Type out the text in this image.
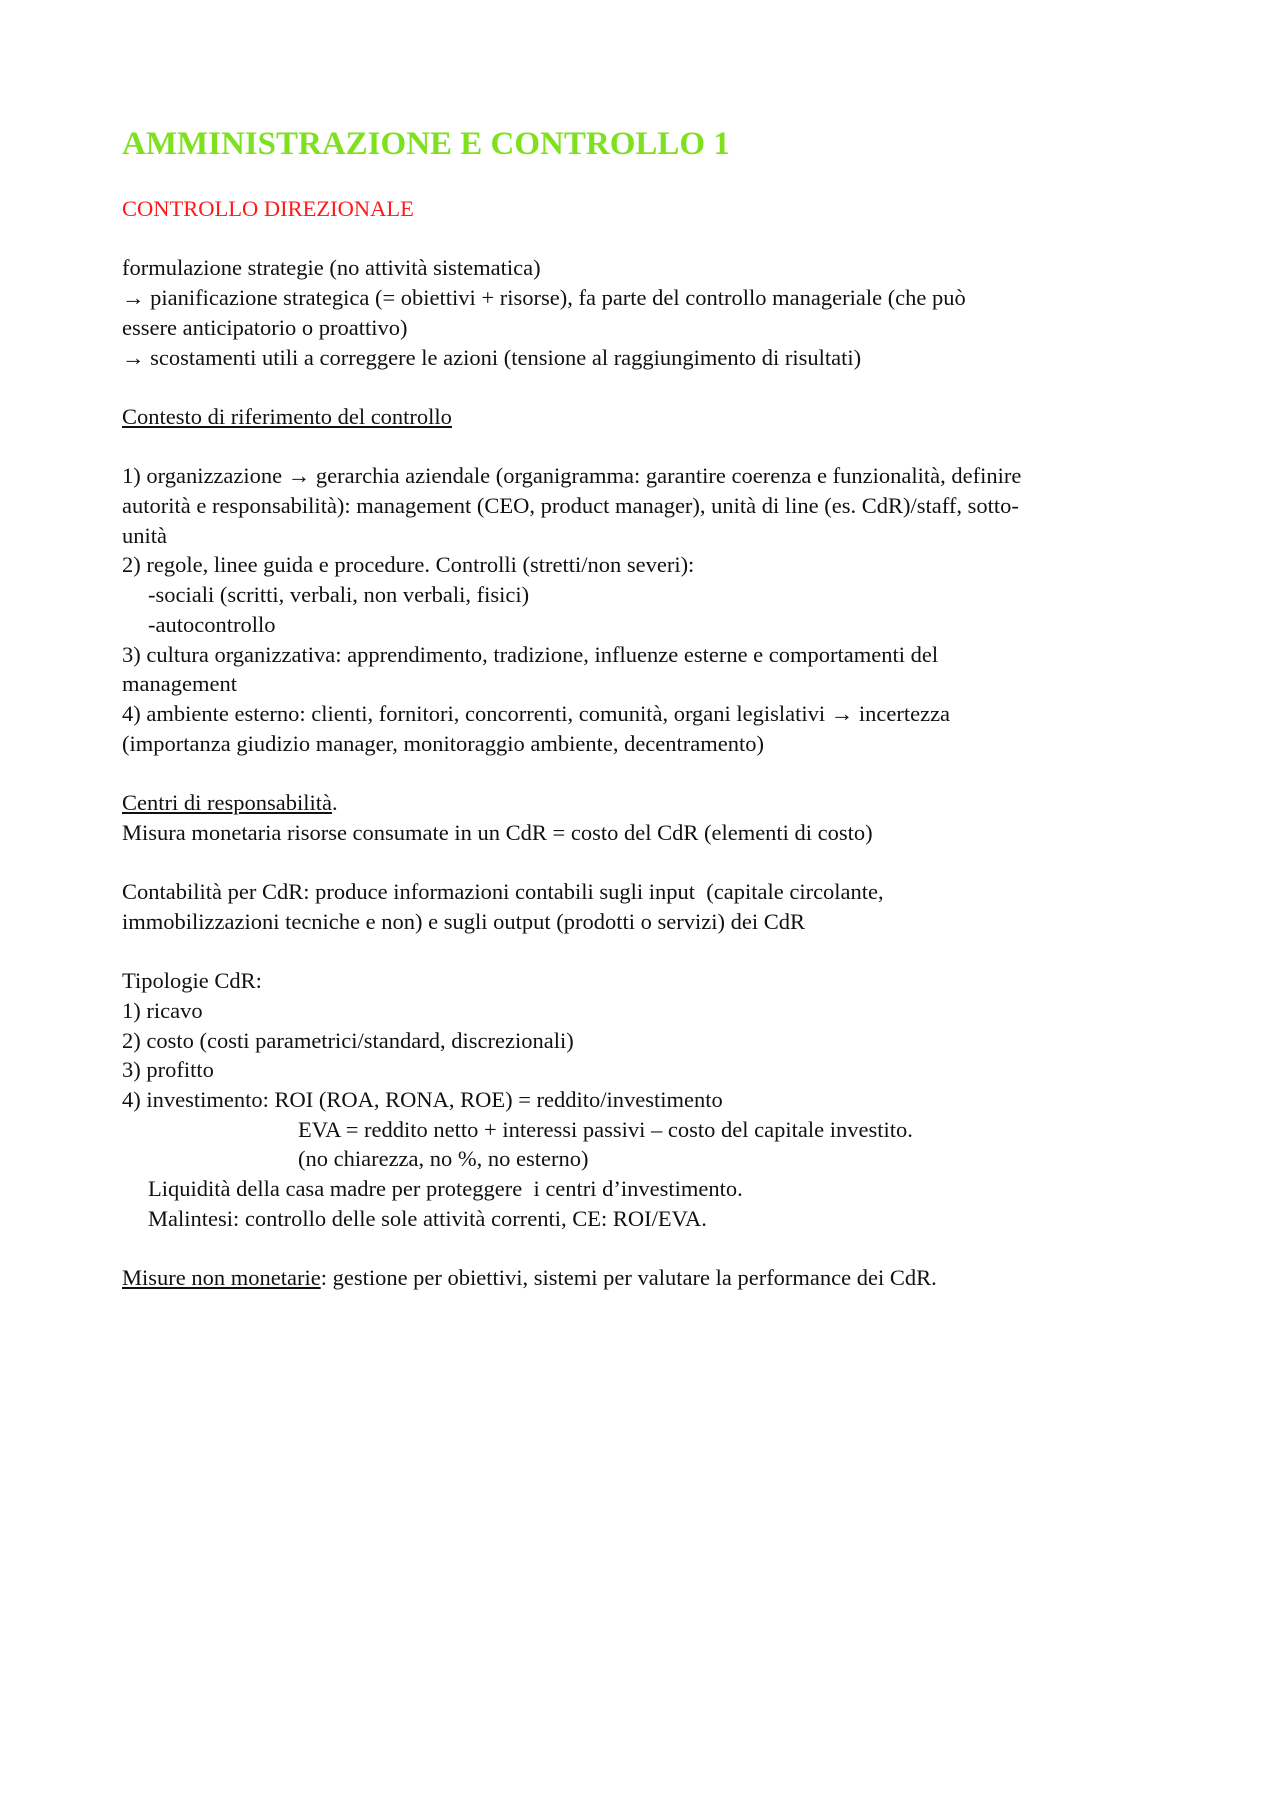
AMMINISTRAZIONE E CONTROLLO 1
CONTROLLO DIREZIONALE
formulazione strategie (no attività sistematica)
→ pianificazione strategica (= obiettivi + risorse), fa parte del controllo manageriale (che può
essere anticipatorio o proattivo)
→ scostamenti utili a correggere le azioni (tensione al raggiungimento di risultati)
Contesto di riferimento del controllo
1) organizzazione → gerarchia aziendale (organigramma: garantire coerenza e funzionalità, definire
autorità e responsabilità): management (CEO, product manager), unità di line (es. CdR)/staff, sotto-
unità
2) regole, linee guida e procedure. Controlli (stretti/non severi):
-sociali (scritti, verbali, non verbali, fisici)
-autocontrollo
3) cultura organizzativa: apprendimento, tradizione, influenze esterne e comportamenti del
management
4) ambiente esterno: clienti, fornitori, concorrenti, comunità, organi legislativi → incertezza
(importanza giudizio manager, monitoraggio ambiente, decentramento)
Centri di responsabilità.
Misura monetaria risorse consumate in un CdR = costo del CdR (elementi di costo)
Contabilità per CdR: produce informazioni contabili sugli input  (capitale circolante,
immobilizzazioni tecniche e non) e sugli output (prodotti o servizi) dei CdR
Tipologie CdR:
1) ricavo
2) costo (costi parametrici/standard, discrezionali)
3) profitto
4) investimento: ROI (ROA, RONA, ROE) = reddito/investimento
EVA = reddito netto + interessi passivi – costo del capitale investito.
(no chiarezza, no %, no esterno)
Liquidità della casa madre per proteggere  i centri d’investimento.
Malintesi: controllo delle sole attività correnti, CE: ROI/EVA.
Misure non monetarie: gestione per obiettivi, sistemi per valutare la performance dei CdR.
